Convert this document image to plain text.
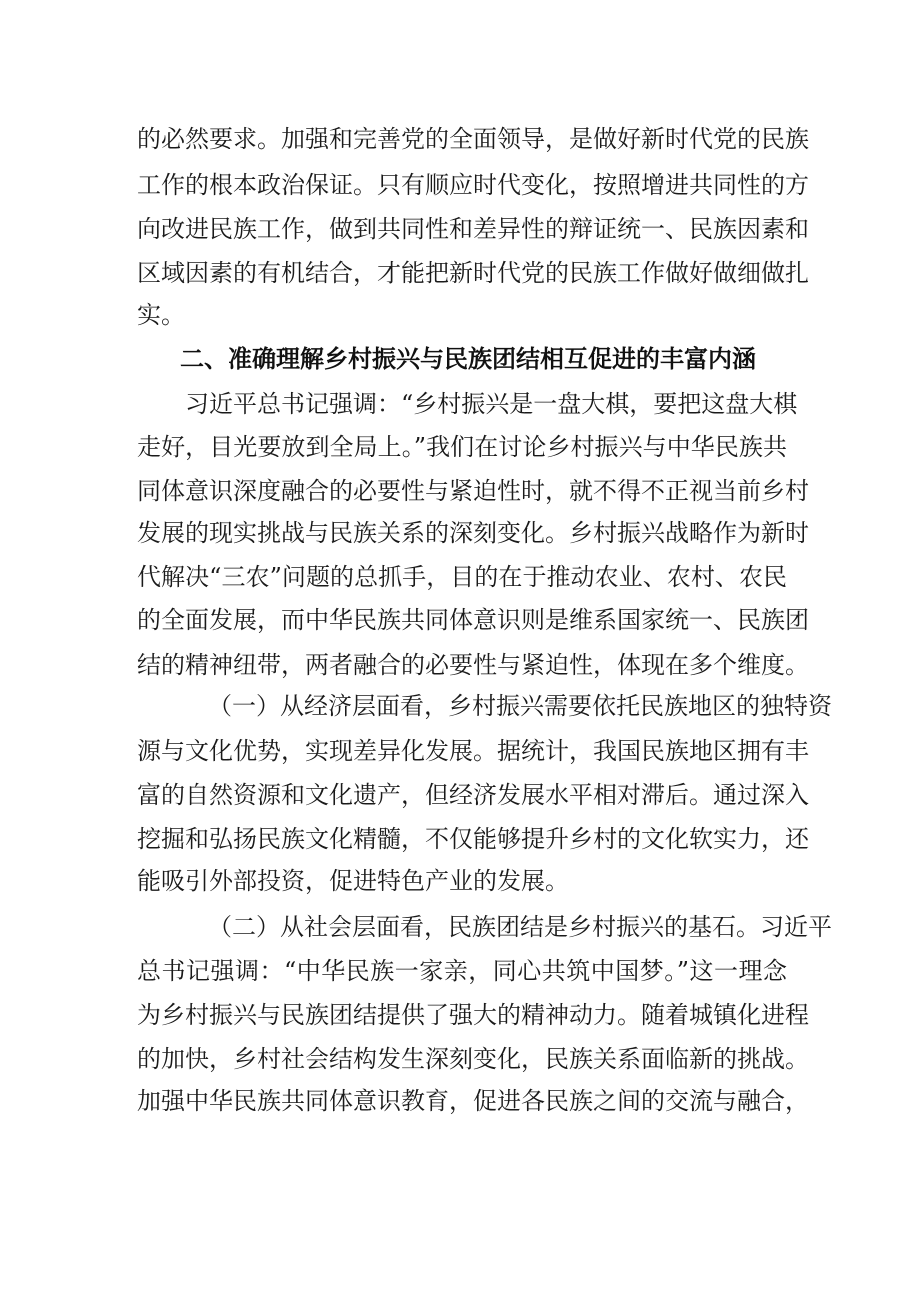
的必然要求。加强和完善党的全面领导，是做好新时代党的民族
工作的根本政治保证。只有顺应时代变化，按照增进共同性的方
向改进民族工作，做到共同性和差异性的辩证统一、民族因素和
区域因素的有机结合，才能把新时代党的民族工作做好做细做扎
实。
二、准确理解乡村振兴与民族团结相互促进的丰富内涵
习近平总书记强调：“乡村振兴是一盘大棋，要把这盘大棋
走好，目光要放到全局上。”我们在讨论乡村振兴与中华民族共
同体意识深度融合的必要性与紧迫性时，就不得不正视当前乡村
发展的现实挑战与民族关系的深刻变化。乡村振兴战略作为新时
代解决“三农”问题的总抓手，目的在于推动农业、农村、农民
的全面发展，而中华民族共同体意识则是维系国家统一、民族团
结的精神纽带，两者融合的必要性与紧迫性，体现在多个维度。
（一）从经济层面看，乡村振兴需要依托民族地区的独特资
源与文化优势，实现差异化发展。据统计，我国民族地区拥有丰
富的自然资源和文化遗产，但经济发展水平相对滞后。通过深入
挖掘和弘扬民族文化精髓，不仅能够提升乡村的文化软实力，还
能吸引外部投资，促进特色产业的发展。
（二）从社会层面看，民族团结是乡村振兴的基石。习近平
总书记强调：“中华民族一家亲，同心共筑中国梦。”这一理念
为乡村振兴与民族团结提供了强大的精神动力。随着城镇化进程
的加快，乡村社会结构发生深刻变化，民族关系面临新的挑战。
加强中华民族共同体意识教育，促进各民族之间的交流与融合，
